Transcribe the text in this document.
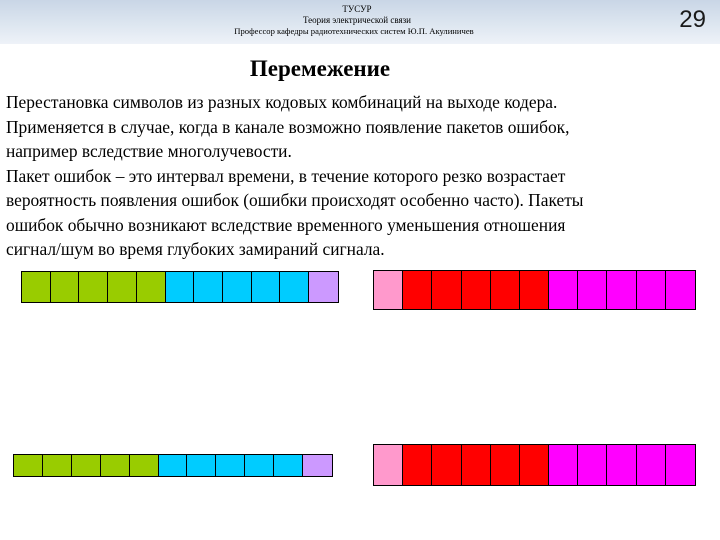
ТУСУР
Теория электрической связи
Профессор кафедры радиотехнических систем Ю.П. Акулиничев	29
Перемежение

Перестановка символов из разных кодовых комбинаций на выходе кодера.

Применяется в случае, когда в канале возможно появление пакетов ошибок,

например вследствие многолучевости.

Пакет ошибок – это интервал времени, в течение которого резко возрастает

вероятность появления ошибок (ошибки происходят особенно часто). Пакеты

ошибок обычно возникают вследствие временного уменьшения отношения

сигнал/шум во время глубоких замираний сигнала.
